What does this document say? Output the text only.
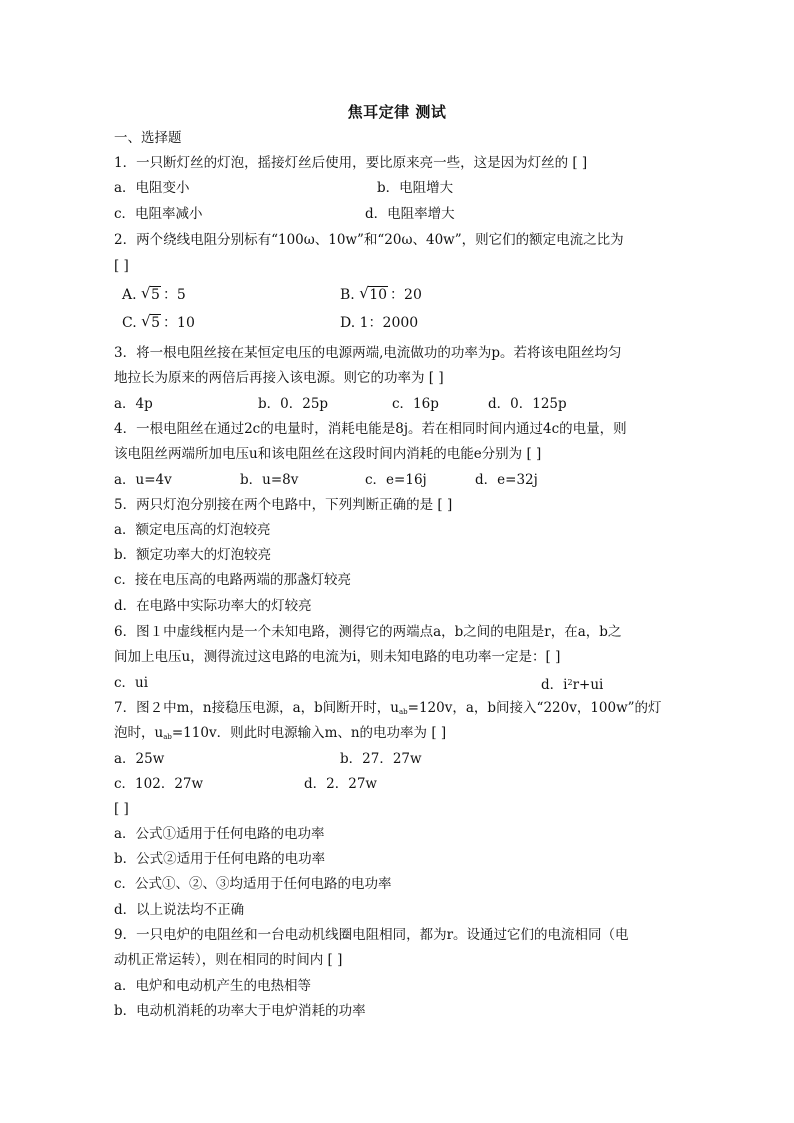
焦耳定律 测试
一、选择题
1．一只断灯丝的灯泡，摇接灯丝后使用，要比原来亮一些，这是因为灯丝的 [ ]
a．电阻变小	b．电阻增大
c．电阻率减小	d．电阻率增大
2．两个绕线电阻分别标有“100ω、10w”和“20ω、40w”，则它们的额定电流之比为
[ ]
A. √ 5 ：5	B. √ 10 ：20
C. √ 5 ：10	D. 1：2000
3．将一根电阻丝接在某恒定电压的电源两端,电流做功的功率为p。若将该电阻丝均匀
地拉长为原来的两倍后再接入该电源。则它的功率为 [ ]
a．4p	b．0．25p	c．16p	d．0．125p
4．一根电阻丝在通过2c的电量时，消耗电能是8j。若在相同时间内通过4c的电量，则
该电阻丝两端所加电压u和该电阻丝在这段时间内消耗的电能e分别为 [ ]
a．u=4v	b．u=8v	c．e=16j	d．e=32j
5．两只灯泡分别接在两个电路中，下列判断正确的是 [ ]
a．额定电压高的灯泡较亮
b．额定功率大的灯泡较亮
c．接在电压高的电路两端的那盏灯较亮
d．在电路中实际功率大的灯较亮
6．图１中虚线框内是一个未知电路，测得它的两端点a，b之间的电阻是r，在a，b之
间加上电压u，测得流过这电路的电流为i，则未知电路的电功率一定是：[ ]
c．ui	d．$i^2r+ui$
7．图２中m，n接稳压电源，a，b间断开时，$u_{ab}=120v$，a，b间接入“220v，100w”的灯
泡时，$u_{ab}=110v$．则此时电源输入m、n的电功率为 [ ]
a．25w	b．27．27w
c．102．27w	d．2．27w
[ ]
a．公式①适用于任何电路的电功率
b．公式②适用于任何电路的电功率
c．公式①、②、③均适用于任何电路的电功率
d．以上说法均不正确
9．一只电炉的电阻丝和一台电动机线圈电阻相同，都为r。设通过它们的电流相同（电
动机正常运转），则在相同的时间内 [ ]
a．电炉和电动机产生的电热相等
b．电动机消耗的功率大于电炉消耗的功率
